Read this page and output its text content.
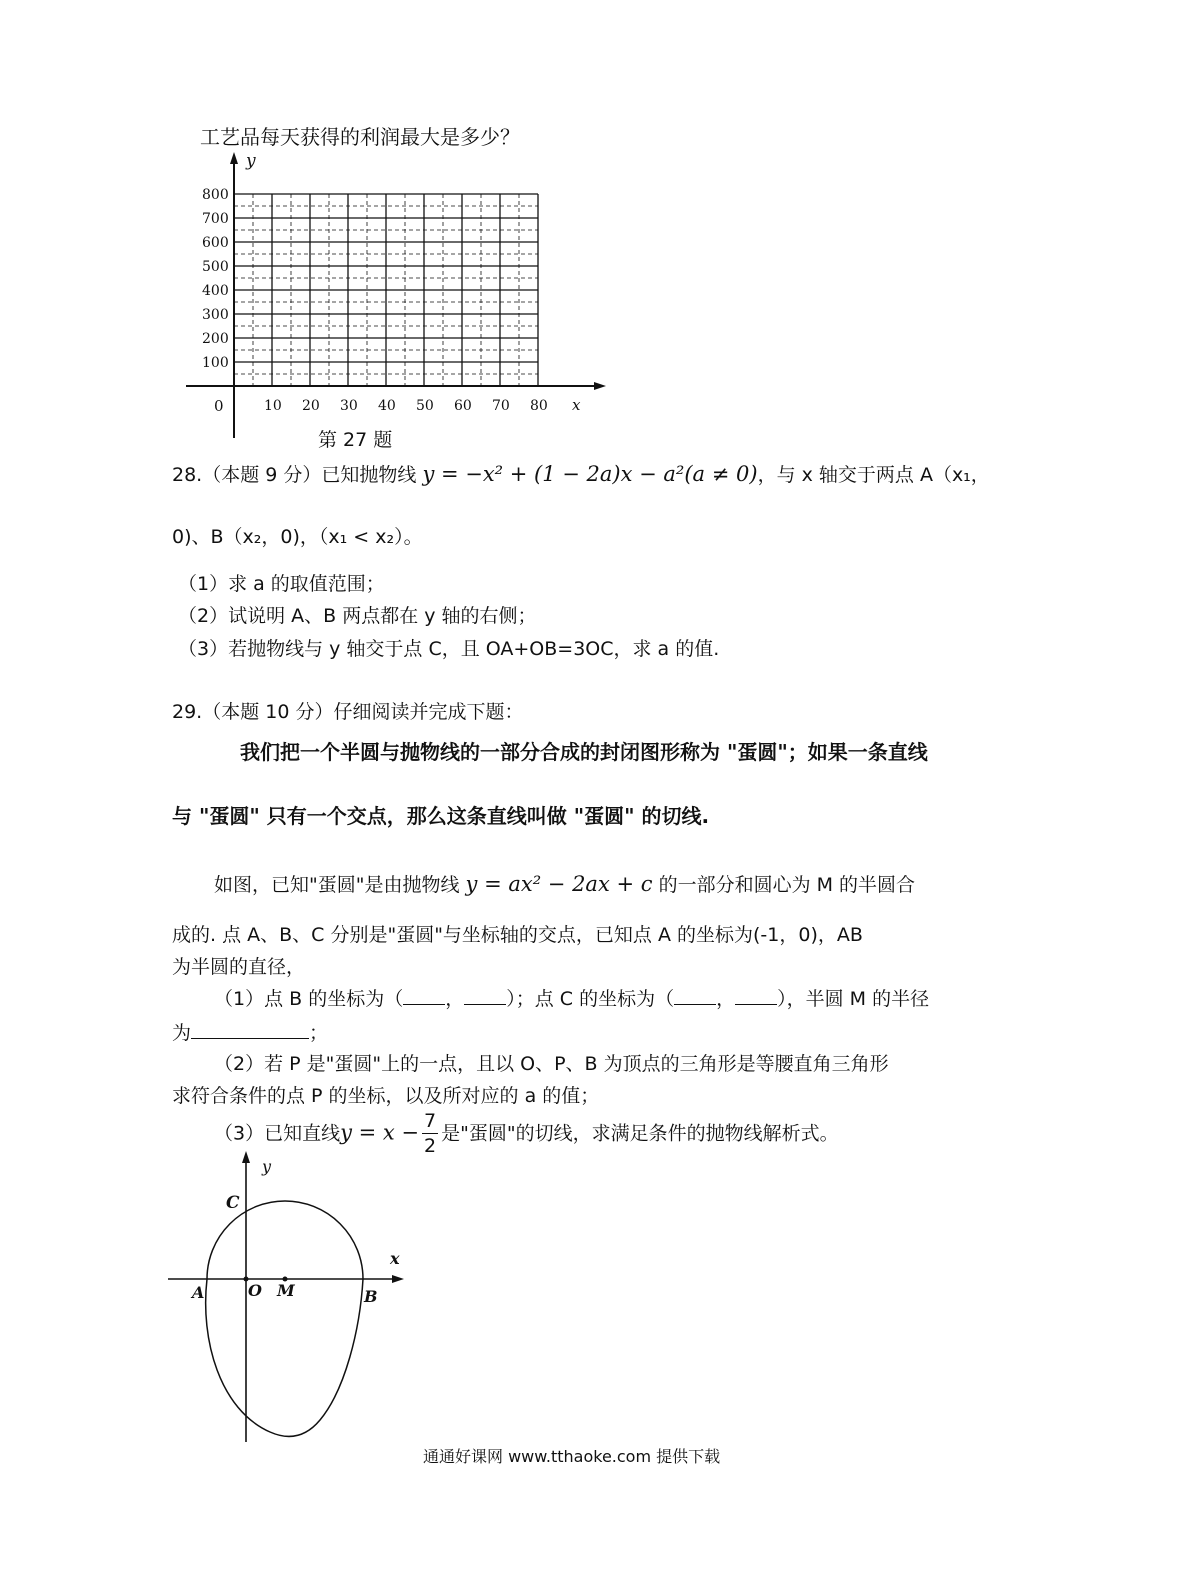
工艺品每天获得的利润最大是多少？
y
x
0
100
200
300
400
500
600
700
800
10 20 30 40 50 60 70 80
第 27 题
28.（本题 9 分）已知抛物线 y = −x² + (1 − 2a)x − a²(a ≠ 0)，与 x 轴交于两点 A（x₁，
0)、B（x₂，0)，（x₁ < x₂）。
（1）求 a 的取值范围；
（2）试说明 A、B 两点都在 y 轴的右侧；
（3）若抛物线与 y 轴交于点 C，且 OA+OB=3OC，求 a 的值.
29.（本题 10 分）仔细阅读并完成下题：
我们把一个半圆与抛物线的一部分合成的封闭图形称为 "蛋圆"；如果一条直线
与 "蛋圆" 只有一个交点，那么这条直线叫做 "蛋圆" 的切线.
如图，已知"蛋圆"是由抛物线 y = ax² − 2ax + c 的一部分和圆心为 M 的半圆合
成的. 点 A、B、C 分别是"蛋圆"与坐标轴的交点，已知点 A 的坐标为(-1，0)，AB
为半圆的直径，
（1）点 B 的坐标为（ ， ）；点 C 的坐标为（ ， ），半圆 M 的半径
为	；
（2）若 P 是"蛋圆"上的一点，且以 O、P、B 为顶点的三角形是等腰直角三角形
求符合条件的点 P 的坐标，以及所对应的 a 的值；
（3）已知直线$y = x - \frac{7}{2}$ 是"蛋圆"的切线，求满足条件的抛物线解析式。
y
x
C
A	O M	B
通通好课网 www.tthaoke.com 提供下载
